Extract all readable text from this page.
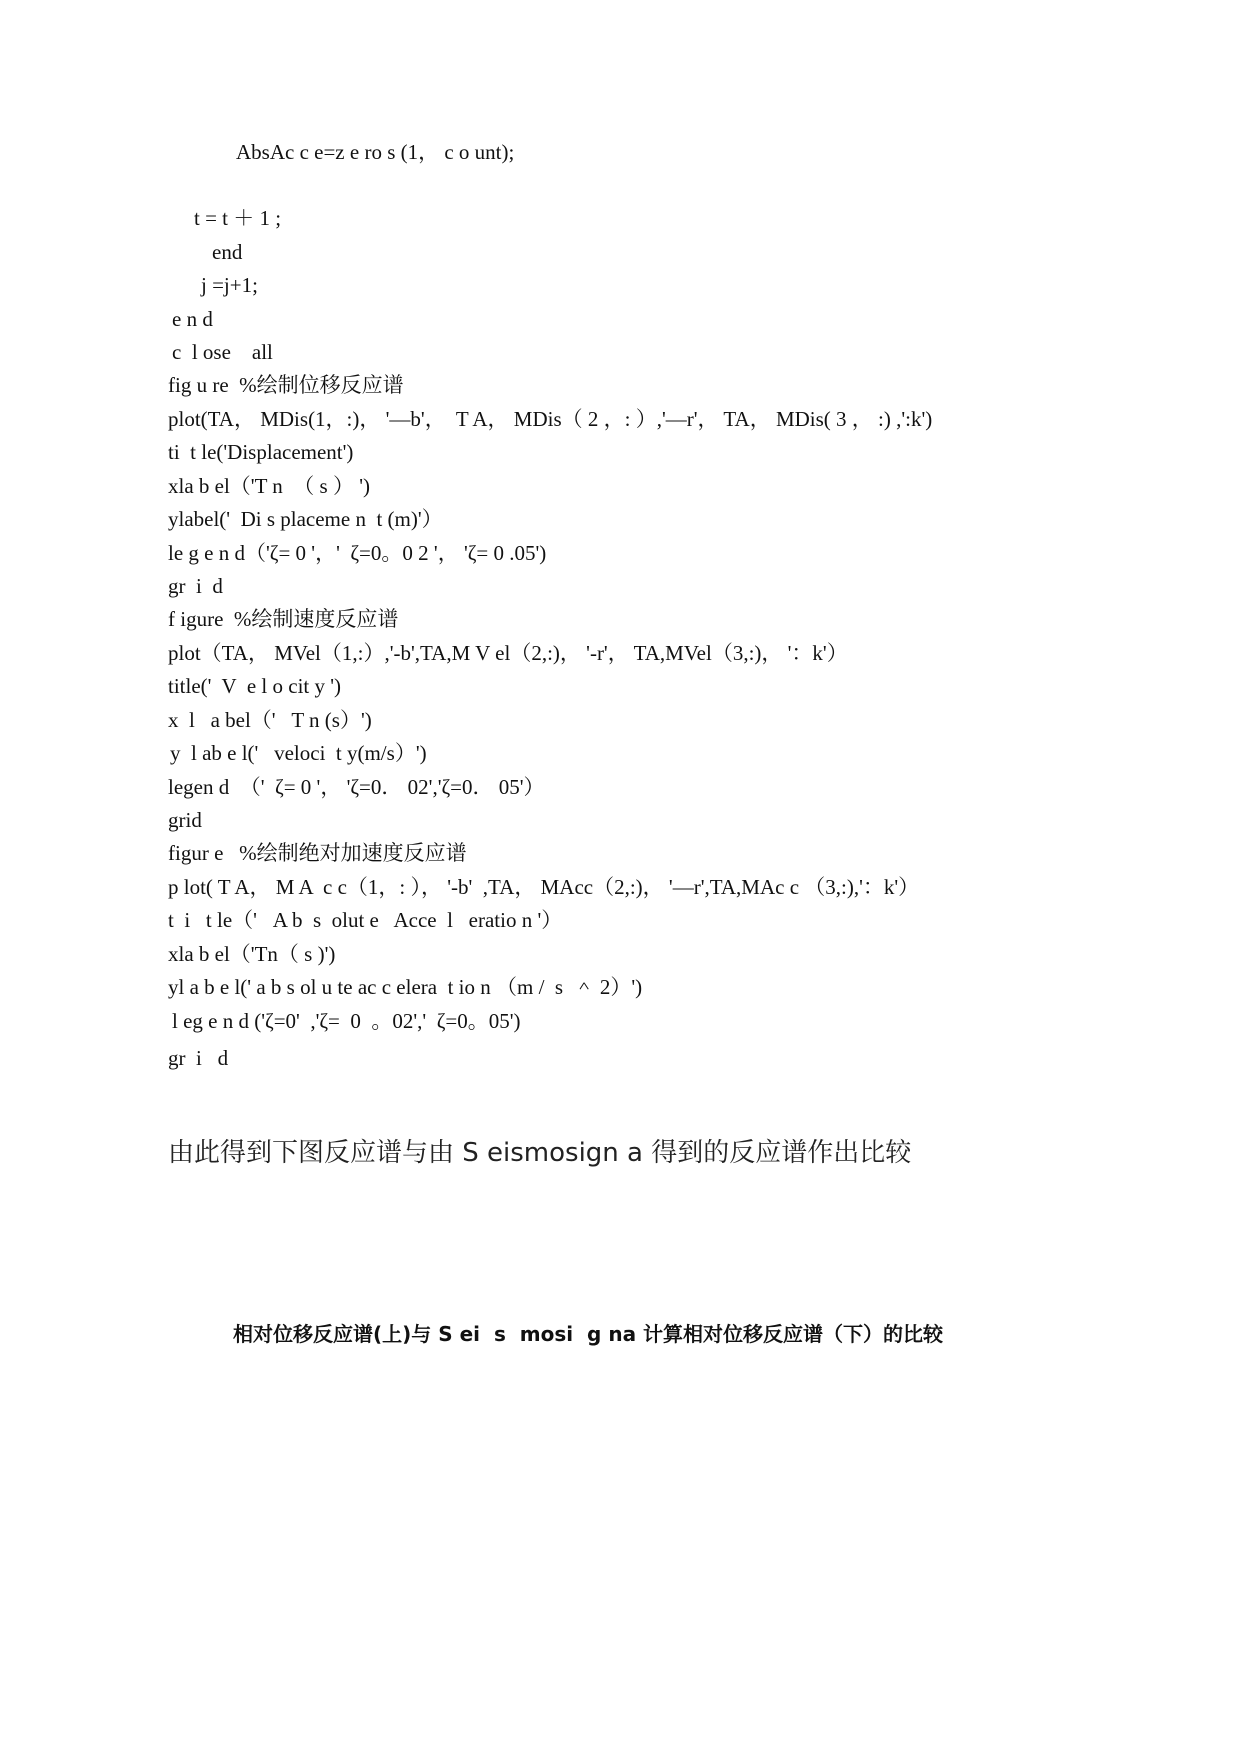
AbsAc c e=z e ro s (1， c o unt);
t = t ＋ 1 ;
end
j =j+1;
e n d
c  l ose    all
fig u re  %绘制位移反应谱
plot(TA， MDis(1，:)， '—b'，  T A， MDis（ 2 ，: ）,'—r'， TA， MDis( 3 ， :) ,':k')
ti  t le('Displacement')
xla b el（'T n  （ s ） ')
ylabel('  Di s placeme n  t (m)'）
le g e n d（'ζ= 0 '，'  ζ=0。0 2 '， 'ζ= 0 .05')
gr  i  d
f igure  %绘制速度反应谱
plot（TA， MVel（1,:）,'-b',TA,M V el（2,:)， '-r'， TA,MVel（3,:)， '：k'）
title('  V  e l o cit y ')
x  l   a bel（'   T n (s）')
y  l ab e l('   veloci  t y(m/s）')
legen d  （'  ζ= 0 '， 'ζ=0． 02','ζ=0． 05'）
grid
figur e   %绘制绝对加速度反应谱
p lot( T A， M A  c c（1，: ）， '-b'  ,TA， MAcc（2,:)， '—r',TA,MAc c （3,:),'：k'）
t  i   t le（'   A b  s  olut e   Acce  l   eratio n '）
xla b el（'Tn（ s )')
yl a b e l(' a b s ol u te ac c elera  t io n （m /  s  ＾ 2）')
l eg e n d ('ζ=0'  ,'ζ=  0  。02','  ζ=0。05')
gr  i   d
由此得到下图反应谱与由 S eismosign a 得到的反应谱作出比较
相对位移反应谱(上)与 S ei  s  mosi  g na 计算相对位移反应谱（下）的比较
